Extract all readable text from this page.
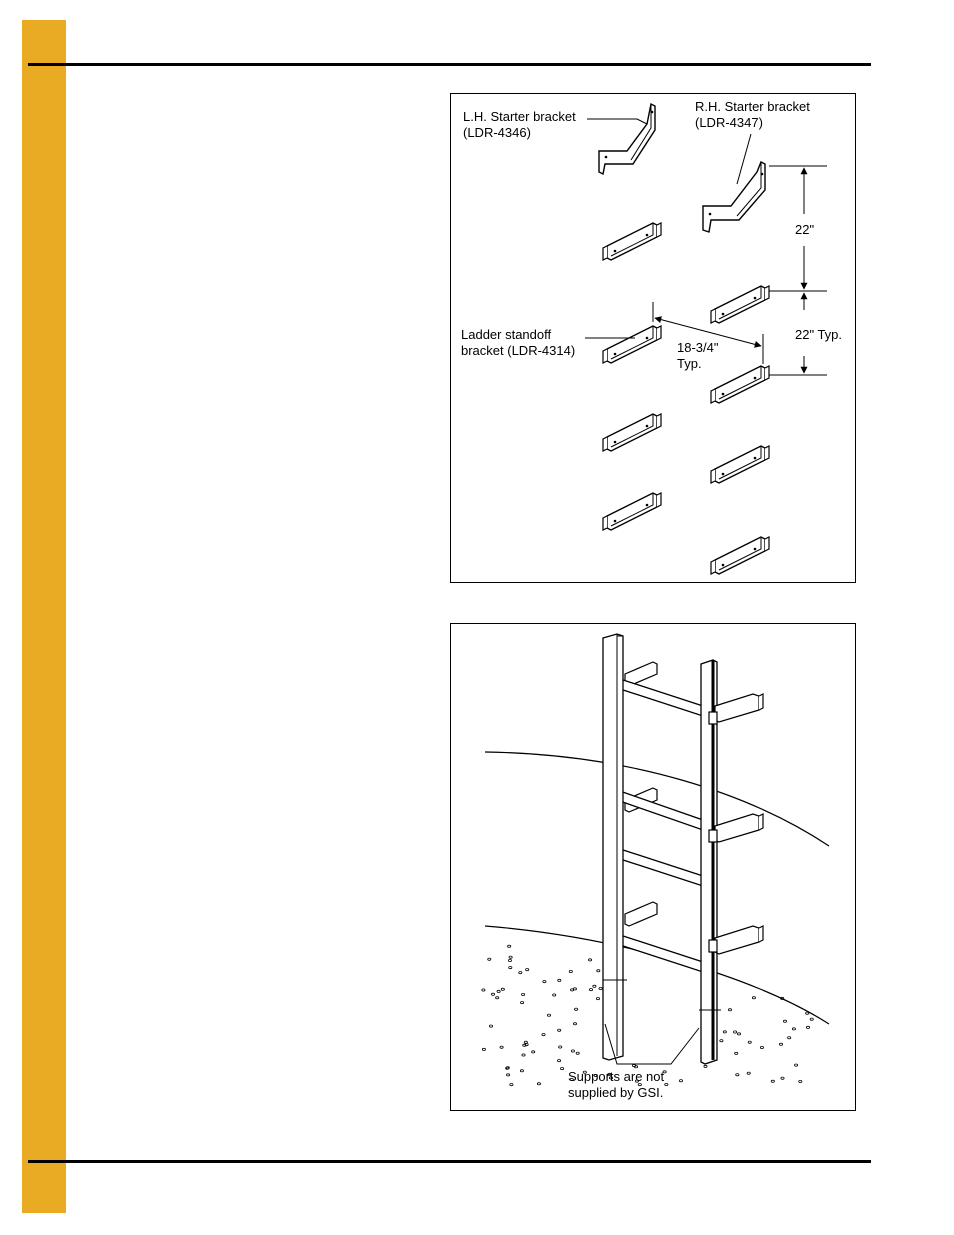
L.H. Starter bracket
(LDR-4346)
R.H. Starter bracket
(LDR-4347)
Ladder standoff
bracket (LDR-4314)	18-3/4"
Typ.
22"
22" Typ.
Supports are not
supplied by GSI.
